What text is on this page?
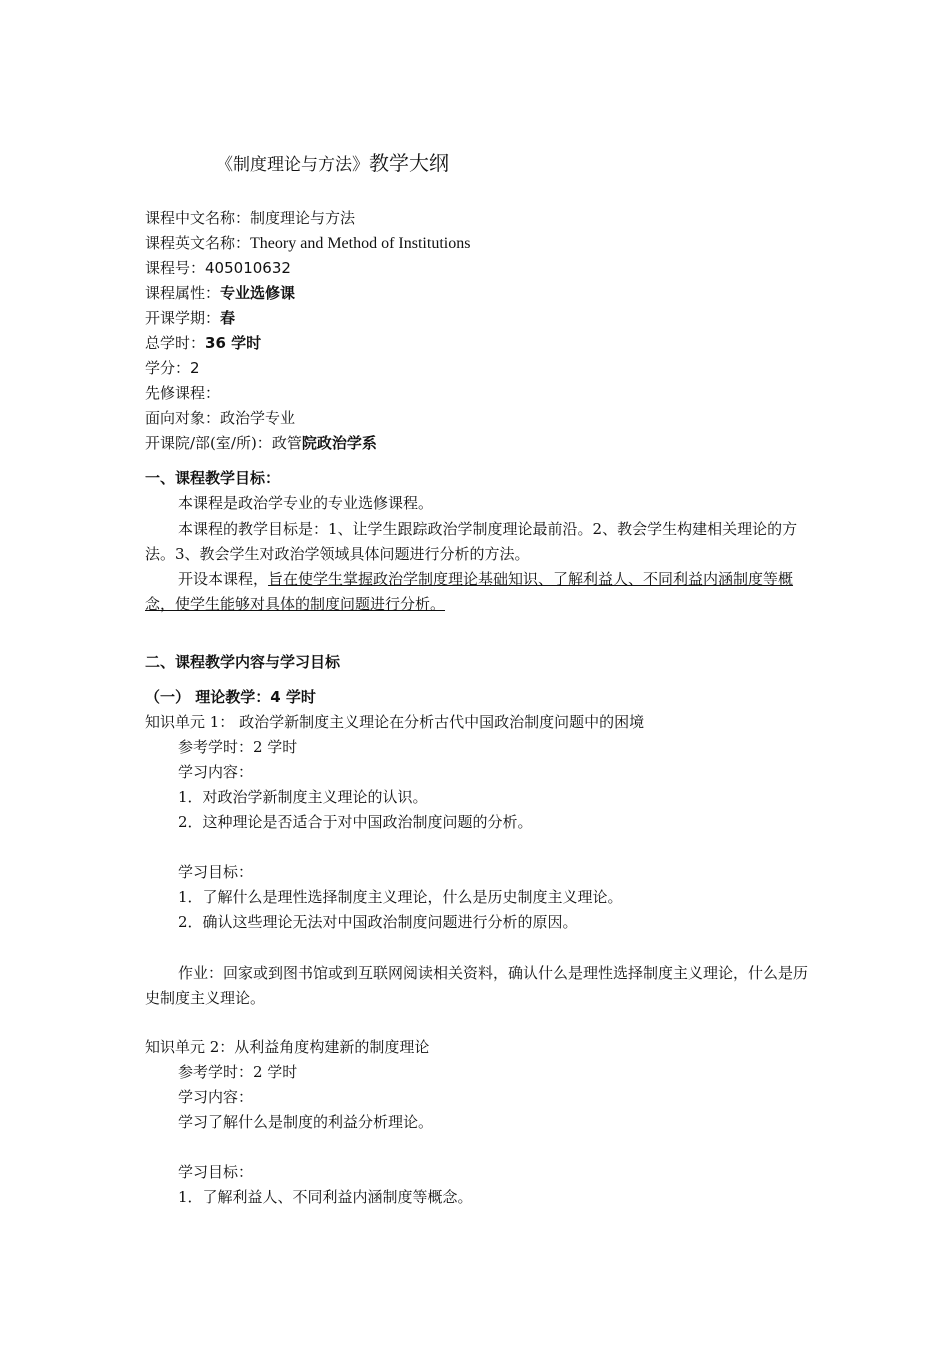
《制度理论与方法》教学大纲
课程中文名称：制度理论与方法
课程英文名称：Theory and Method of Institutions
课程号：405010632
课程属性：专业选修课
开课学期：春
总学时：36 学时
学分：2
先修课程：
面向对象：政治学专业
开课院/部(室/所)：政管院政治学系
一、课程教学目标：
本课程是政治学专业的专业选修课程。
本课程的教学目标是：1、让学生跟踪政治学制度理论最前沿。2、教会学生构建相关理论的方法。3、教会学生对政治学领域具体问题进行分析的方法。
开设本课程，旨在使学生掌握政治学制度理论基础知识、了解利益人、不同利益内涵制度等概念，使学生能够对具体的制度问题进行分析。
二、课程教学内容与学习目标
（一） 理论教学：4 学时
知识单元 1： 政治学新制度主义理论在分析古代中国政治制度问题中的困境
参考学时：2 学时
学习内容：
1．对政治学新制度主义理论的认识。
2．这种理论是否适合于对中国政治制度问题的分析。
学习目标：
1．了解什么是理性选择制度主义理论，什么是历史制度主义理论。
2．确认这些理论无法对中国政治制度问题进行分析的原因。
作业：回家或到图书馆或到互联网阅读相关资料，确认什么是理性选择制度主义理论，什么是历史制度主义理论。
知识单元 2：从利益角度构建新的制度理论
参考学时：2 学时
学习内容：
学习了解什么是制度的利益分析理论。
学习目标：
1．了解利益人、不同利益内涵制度等概念。
